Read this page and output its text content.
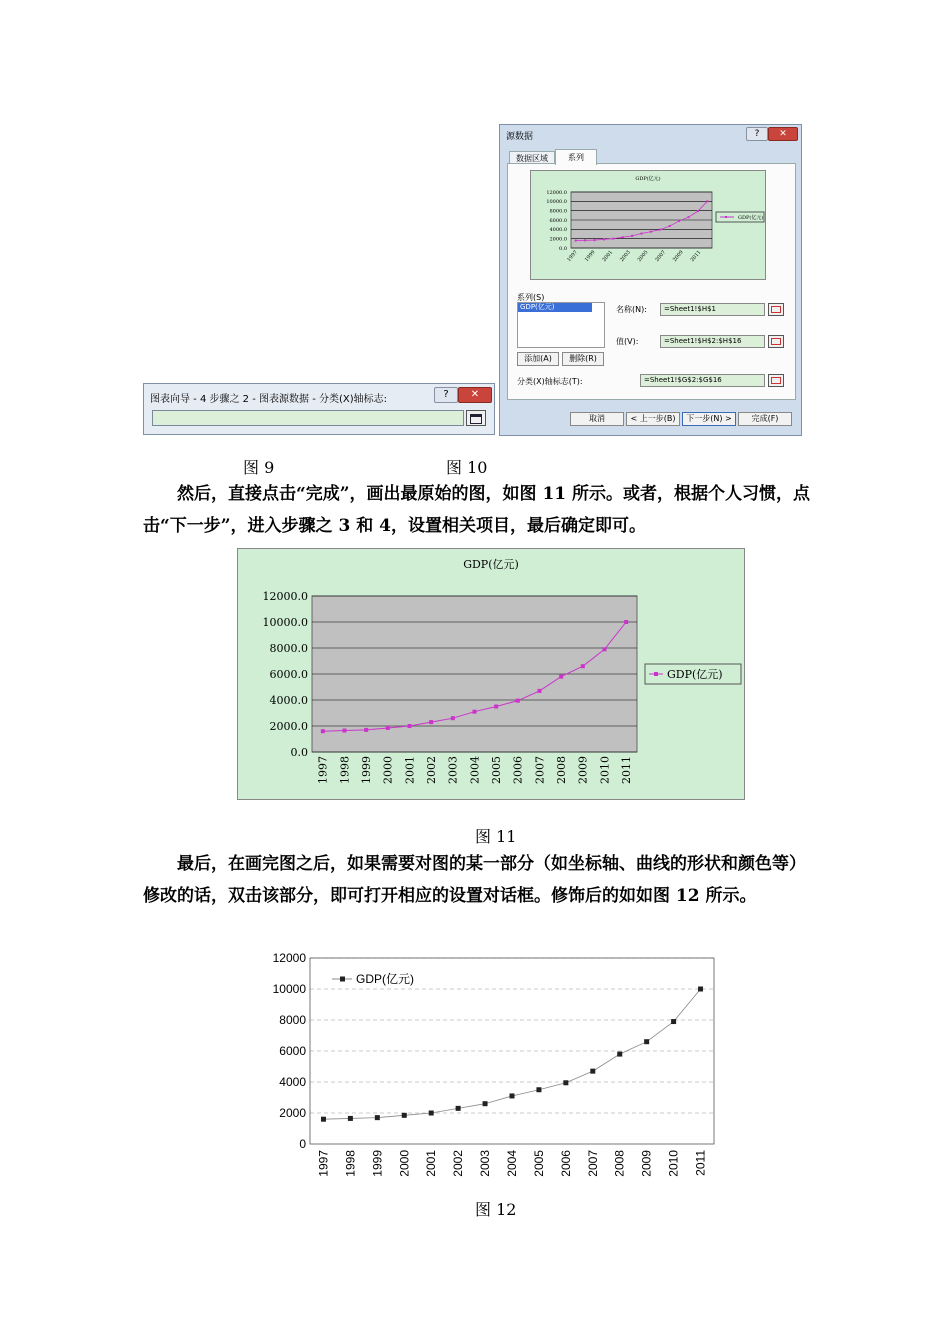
图表向导 - 4 步骤之 2 - 图表源数据 - 分类(X)轴标志:	?	✕
源数据	?	✕
数据区域	系列
GDP(亿元)
12000.0
10000.0
8000.0
6000.0
4000.0
2000.0
0.0
1997 1999 2001 2003 2005 2007 2009 2011
GDP(亿元)
系列(S)
GDP(亿元)
添加(A)	删除(R)
名称(N):	=Sheet1!$H$1
值(V):	=Sheet1!$H$2:$H$16
分类(X)轴标志(T):	=Sheet1!$G$2:$G$16
取消	< 上一步(B)	下一步(N) >	完成(F)
图 9	图 10

然后，直接点击“完成”，画出最原始的图，如图 11 所示。或者，根据个人习惯，点击“下一步”，进入步骤之 3 和 4，设置相关项目，最后确定即可。

GDP(亿元)
12000.0
10000.0
8000.0
6000.0
4000.0
2000.0
0.0
1997 1998 1999 2000 2001 2002 2003 2004 2005 2006 2007 2008 2009 2010 2011
GDP(亿元)
图 11

最后，在画完图之后，如果需要对图的某一部分（如坐标轴、曲线的形状和颜色等）修改的话，双击该部分，即可打开相应的设置对话框。修饰后的如如图 12 所示。

12000
10000
8000
6000
4000
2000
0
1997 1998 1999 2000 2001 2002 2003 2004 2005 2006 2007 2008 2009 2010 2011
GDP(亿元)
图 12
